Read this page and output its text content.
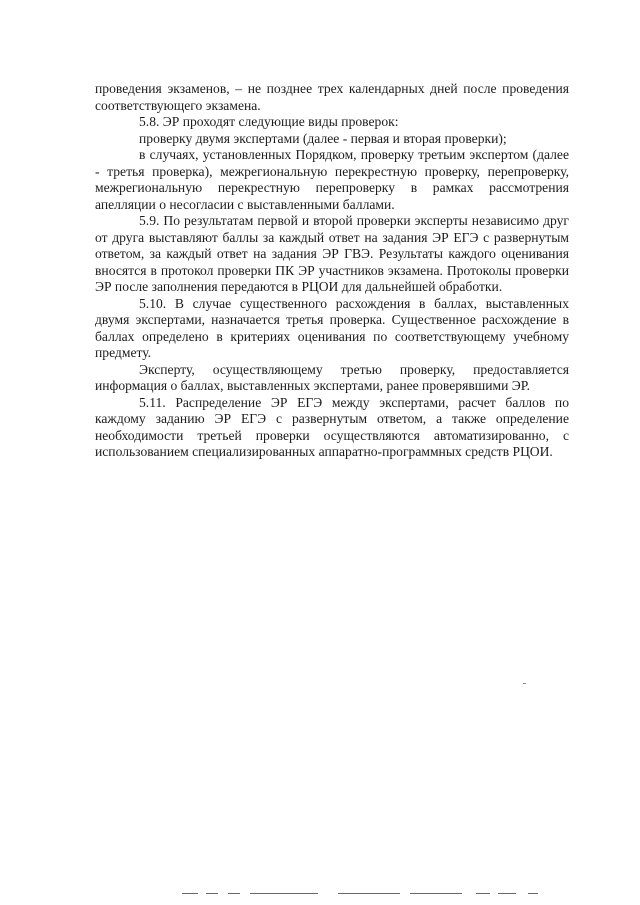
проведения экзаменов, – не позднее трех календарных дней после проведения соответствующего экзамена.

5.8. ЭР проходят следующие виды проверок:

проверку двумя экспертами (далее - первая и вторая проверки);

в случаях, установленных Порядком, проверку третьим экспертом (далее - третья проверка), межрегиональную перекрестную проверку, перепроверку, межрегиональную перекрестную перепроверку в рамках рассмотрения апелляции о несогласии с выставленными баллами.

5.9. По результатам первой и второй проверки эксперты независимо друг от друга выставляют баллы за каждый ответ на задания ЭР ЕГЭ с развернутым ответом, за каждый ответ на задания ЭР ГВЭ. Результаты каждого оценивания вносятся в протокол проверки ПК ЭР участников экзамена. Протоколы проверки ЭР после заполнения передаются в РЦОИ для дальнейшей обработки.

5.10. В случае существенного расхождения в баллах, выставленных двумя экспертами, назначается третья проверка. Существенное расхождение в баллах определено в критериях оценивания по соответствующему учебному предмету.

Эксперту, осуществляющему третью проверку, предоставляется информация о баллах, выставленных экспертами, ранее проверявшими ЭР.

5.11. Распределение ЭР ЕГЭ между экспертами, расчет баллов по каждому заданию ЭР ЕГЭ с развернутым ответом, а также определение необходимости третьей проверки осуществляются автоматизированно, с использованием специализированных аппаратно-программных средств РЦОИ.
